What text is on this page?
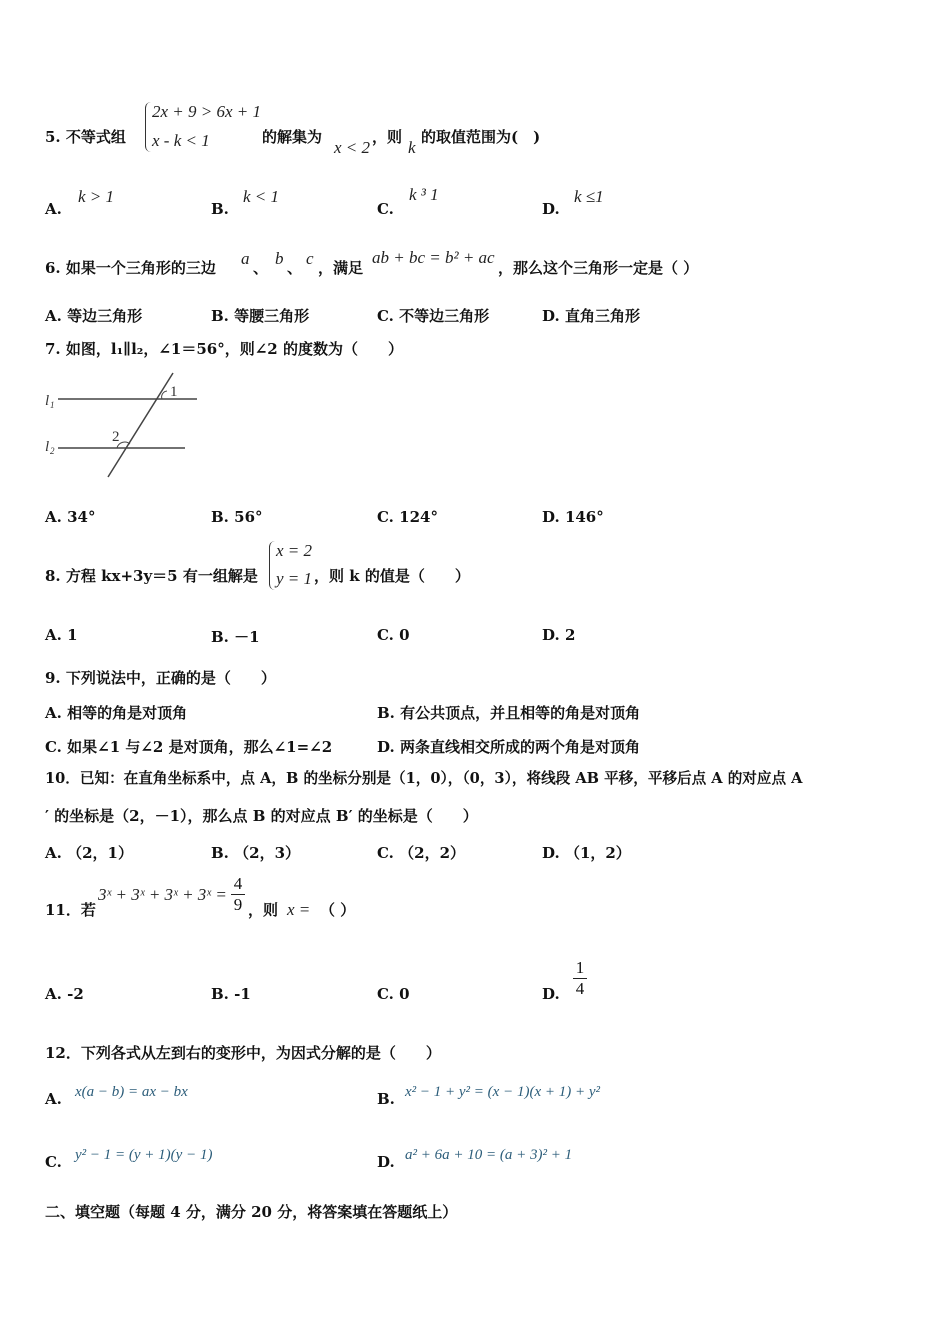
5. 不等式组
2x + 9 > 6x + 1
x - k < 1	的解集为
x < 2
，则
k
的取值范围为(　)
A.
k > 1
B.
k < 1
C.
k ³ 1
D.
k ≤1
6. 如果一个三角形的三边 a 、 b 、 c ，满足
ab + bc = b² + ac
，那么这个三角形一定是（ ）
A. 等边三角形	B. 等腰三角形	C. 不等边三角形	D. 直角三角形
7. 如图，l₁∥l₂，∠1＝56°，则∠2 的度数为（　　）
l 1
l 2
1
2
A. 34°	B. 56°	C. 124°	D. 146°
8. 方程 kx+3y＝5 有一组解是
x = 2
y = 1 ，则 k 的值是（　　）
A. 1	B. －1	C. 0	D. 2
9. 下列说法中，正确的是（　　）
A. 相等的角是对顶角	B. 有公共顶点，并且相等的角是对顶角
C. 如果∠1 与∠2 是对顶角，那么∠1=∠2	D. 两条直线相交所成的两个角是对顶角
10．已知：在直角坐标系中，点 A，B 的坐标分别是（1，0），（0，3），将线段 AB 平移，平移后点 A 的对应点 A
′ 的坐标是（2，－1），那么点 B 的对应点 B′ 的坐标是（　　）
A. （2，1）	B. （2，3）	C. （2，2）	D. （1，2）
11．若
3ˣ + 3ˣ + 3ˣ + 3ˣ = $\frac{4}{9}$ ，则 x = （ ）
A. -2	B. -1	C. 0	D. $\frac{1}{4}$
12．下列各式从左到右的变形中，为因式分解的是（　　）
A. x(a − b) = ax − bx	B. x² − 1 + y² = (x − 1)(x + 1) + y²
C. y² − 1 = (y + 1)(y − 1)	D. a² + 6a + 10 = (a + 3)² + 1
二、填空题（每题 4 分，满分 20 分，将答案填在答题纸上）
